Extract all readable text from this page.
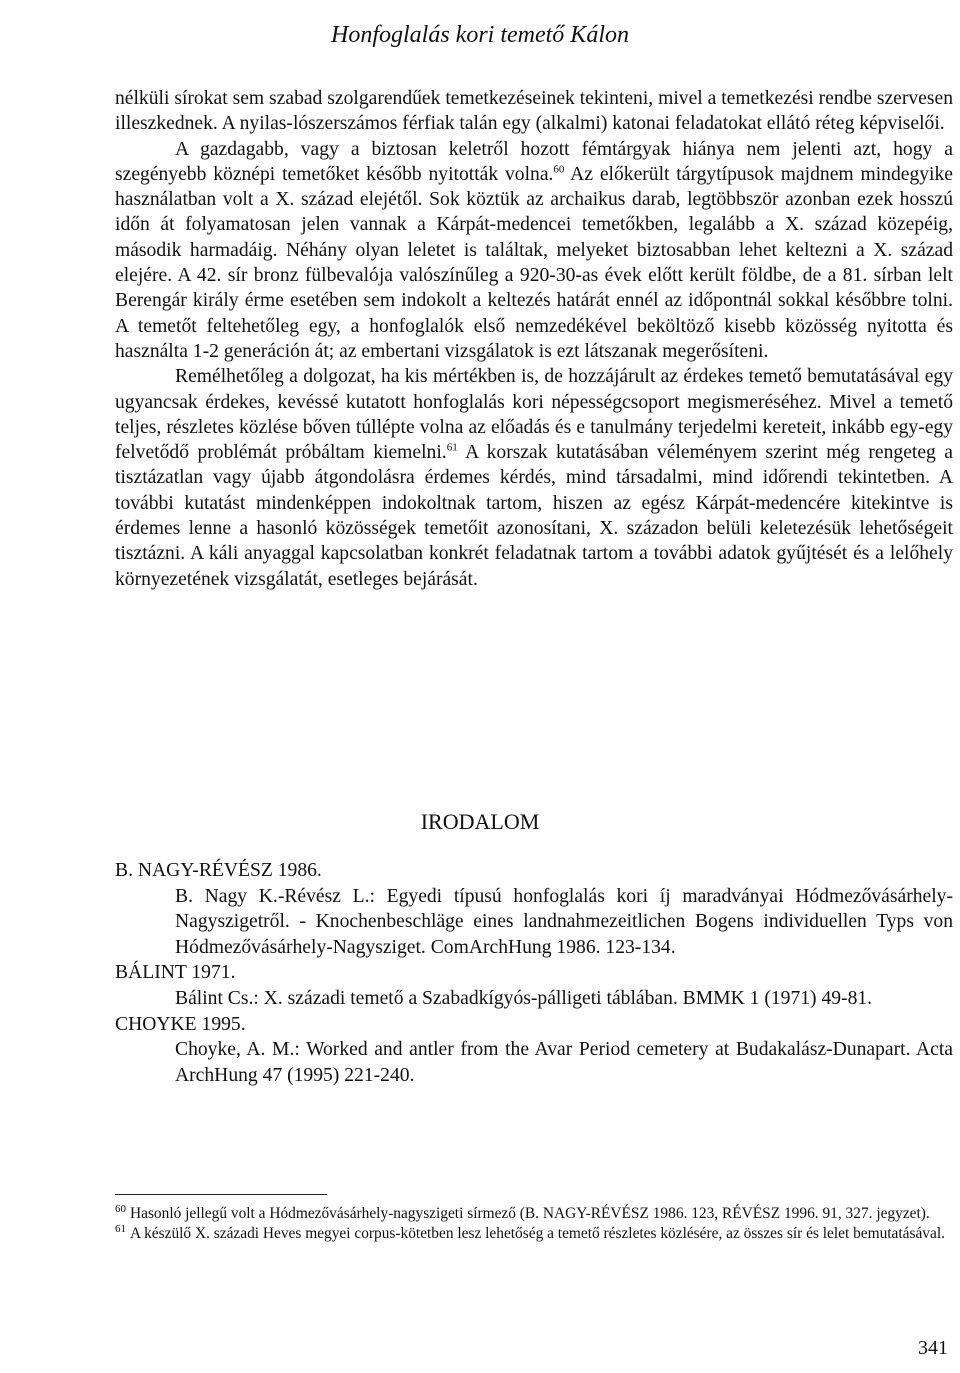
Honfoglalás kori temető Kálon

nélküli sírokat sem szabad szolgarendűek temetkezéseinek tekinteni, mivel a temetkezési rendbe szervesen illeszkednek. A nyilas-lószerszámos férfiak talán egy (alkalmi) katonai feladatokat ellátó réteg képviselői.

A gazdagabb, vagy a biztosan keletről hozott fémtárgyak hiánya nem jelenti azt, hogy a szegényebb köznépi temetőket később nyitották volna.$^{60}$ Az előkerült tárgytípusok majdnem mindegyike használatban volt a X. század elejétől. Sok köztük az archaikus darab, legtöbbször azonban ezek hosszú időn át folyamatosan jelen vannak a Kárpát-medencei temetőkben, legalább a X. század közepéig, második harmadáig. Néhány olyan leletet is találtak, melyeket biztosabban lehet keltezni a X. század elejére. A 42. sír bronz fülbevalója valószínűleg a 920-30-as évek előtt került földbe, de a 81. sírban lelt Berengár király érme esetében sem indokolt a keltezés határát ennél az időpontnál sokkal későbbre tolni. A temetőt feltehetőleg egy, a honfoglalók első nemzedékével beköltöző kisebb közösség nyitotta és használta 1-2 generáción át; az embertani vizsgálatok is ezt látszanak megerősíteni.

Remélhetőleg a dolgozat, ha kis mértékben is, de hozzájárult az érdekes temető bemutatásával egy ugyancsak érdekes, kevéssé kutatott honfoglalás kori népességcsoport megismeréséhez. Mivel a temető teljes, részletes közlése bőven túllépte volna az előadás és e tanulmány terjedelmi kereteit, inkább egy-egy felvetődő problémát próbáltam kiemelni.$^{61}$ A korszak kutatásában véleményem szerint még rengeteg a tisztázatlan vagy újabb átgondolásra érdemes kérdés, mind társadalmi, mind időrendi tekintetben. A további kutatást mindenképpen indokoltnak tartom, hiszen az egész Kárpát-medencére kitekintve is érdemes lenne a hasonló közösségek temetőit azonosítani, X. századon belüli keletezésük lehetőségeit tisztázni. A káli anyaggal kapcsolatban konkrét feladatnak tartom a további adatok gyűjtését és a lelőhely környezetének vizsgálatát, esetleges bejárását.

IRODALOM

B. NAGY-RÉVÉSZ 1986.

B. Nagy K.-Révész L.: Egyedi típusú honfoglalás kori íj maradványai Hódmezővásárhely-Nagyszigetről. - Knochenbeschläge eines landnahmezeitlichen Bogens individuellen Typs von Hódmezővásárhely-Nagysziget. ComArchHung 1986. 123-134.

BÁLINT 1971.

Bálint Cs.: X. századi temető a Szabadkígyós-pálligeti táblában. BMMK 1 (1971) 49-81.

CHOYKE 1995.

Choyke, A. M.: Worked and antler from the Avar Period cemetery at Budakalász-Dunapart. Acta ArchHung 47 (1995) 221-240.

$^{60}$ Hasonló jellegű volt a Hódmezővásárhely-nagyszigeti sírmező (B. NAGY-RÉVÉSZ 1986. 123, RÉVÉSZ 1996. 91, 327. jegyzet).

$^{61}$ A készülő X. századi Heves megyei corpus-kötetben lesz lehetőség a temető részletes közlésére, az összes sír és lelet bemutatásával.

341
